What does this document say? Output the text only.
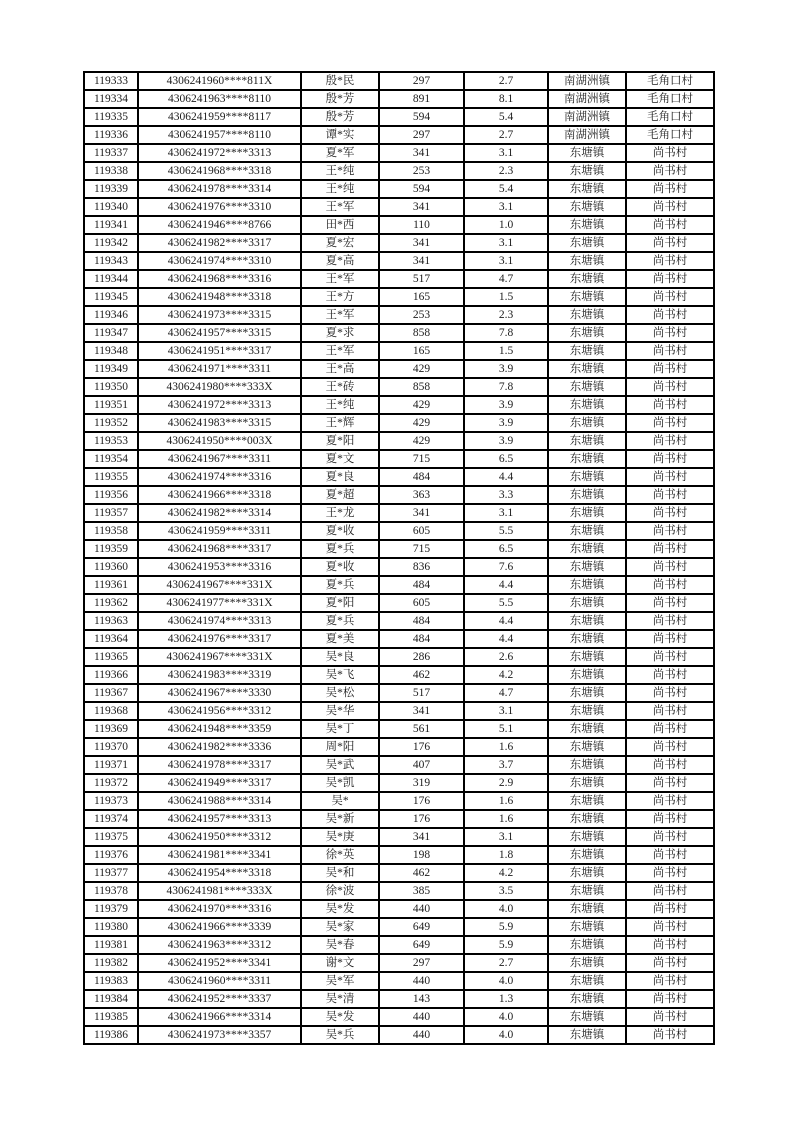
119333	4306241960****811X	殷*民	297	2.7	南湖洲镇	毛角口村
119334	4306241963****8110	殷*芳	891	8.1	南湖洲镇	毛角口村
119335	4306241959****8117	殷*芳	594	5.4	南湖洲镇	毛角口村
119336	4306241957****8110	谭*实	297	2.7	南湖洲镇	毛角口村
119337	4306241972****3313	夏*军	341	3.1	东塘镇	尚书村
119338	4306241968****3318	王*纯	253	2.3	东塘镇	尚书村
119339	4306241978****3314	王*纯	594	5.4	东塘镇	尚书村
119340	4306241976****3310	王*军	341	3.1	东塘镇	尚书村
119341	4306241946****8766	田*西	110	1.0	东塘镇	尚书村
119342	4306241982****3317	夏*宏	341	3.1	东塘镇	尚书村
119343	4306241974****3310	夏*高	341	3.1	东塘镇	尚书村
119344	4306241968****3316	王*军	517	4.7	东塘镇	尚书村
119345	4306241948****3318	王*方	165	1.5	东塘镇	尚书村
119346	4306241973****3315	王*军	253	2.3	东塘镇	尚书村
119347	4306241957****3315	夏*求	858	7.8	东塘镇	尚书村
119348	4306241951****3317	王*军	165	1.5	东塘镇	尚书村
119349	4306241971****3311	王*高	429	3.9	东塘镇	尚书村
119350	4306241980****333X	王*砖	858	7.8	东塘镇	尚书村
119351	4306241972****3313	王*纯	429	3.9	东塘镇	尚书村
119352	4306241983****3315	王*辉	429	3.9	东塘镇	尚书村
119353	4306241950****003X	夏*阳	429	3.9	东塘镇	尚书村
119354	4306241967****3311	夏*文	715	6.5	东塘镇	尚书村
119355	4306241974****3316	夏*良	484	4.4	东塘镇	尚书村
119356	4306241966****3318	夏*超	363	3.3	东塘镇	尚书村
119357	4306241982****3314	王*龙	341	3.1	东塘镇	尚书村
119358	4306241959****3311	夏*收	605	5.5	东塘镇	尚书村
119359	4306241968****3317	夏*兵	715	6.5	东塘镇	尚书村
119360	4306241953****3316	夏*收	836	7.6	东塘镇	尚书村
119361	4306241967****331X	夏*兵	484	4.4	东塘镇	尚书村
119362	4306241977****331X	夏*阳	605	5.5	东塘镇	尚书村
119363	4306241974****3313	夏*兵	484	4.4	东塘镇	尚书村
119364	4306241976****3317	夏*美	484	4.4	东塘镇	尚书村
119365	4306241967****331X	吴*良	286	2.6	东塘镇	尚书村
119366	4306241983****3319	吴*飞	462	4.2	东塘镇	尚书村
119367	4306241967****3330	吴*松	517	4.7	东塘镇	尚书村
119368	4306241956****3312	吴*华	341	3.1	东塘镇	尚书村
119369	4306241948****3359	吴*丁	561	5.1	东塘镇	尚书村
119370	4306241982****3336	周*阳	176	1.6	东塘镇	尚书村
119371	4306241978****3317	吴*武	407	3.7	东塘镇	尚书村
119372	4306241949****3317	吴*凯	319	2.9	东塘镇	尚书村
119373	4306241988****3314	吴*	176	1.6	东塘镇	尚书村
119374	4306241957****3313	吴*新	176	1.6	东塘镇	尚书村
119375	4306241950****3312	吴*庚	341	3.1	东塘镇	尚书村
119376	4306241981****3341	徐*英	198	1.8	东塘镇	尚书村
119377	4306241954****3318	吴*和	462	4.2	东塘镇	尚书村
119378	4306241981****333X	徐*波	385	3.5	东塘镇	尚书村
119379	4306241970****3316	吴*发	440	4.0	东塘镇	尚书村
119380	4306241966****3339	吴*家	649	5.9	东塘镇	尚书村
119381	4306241963****3312	吴*春	649	5.9	东塘镇	尚书村
119382	4306241952****3341	谢*文	297	2.7	东塘镇	尚书村
119383	4306241960****3311	吴*军	440	4.0	东塘镇	尚书村
119384	4306241952****3337	吴*清	143	1.3	东塘镇	尚书村
119385	4306241966****3314	吴*发	440	4.0	东塘镇	尚书村
119386	4306241973****3357	吴*兵	440	4.0	东塘镇	尚书村
